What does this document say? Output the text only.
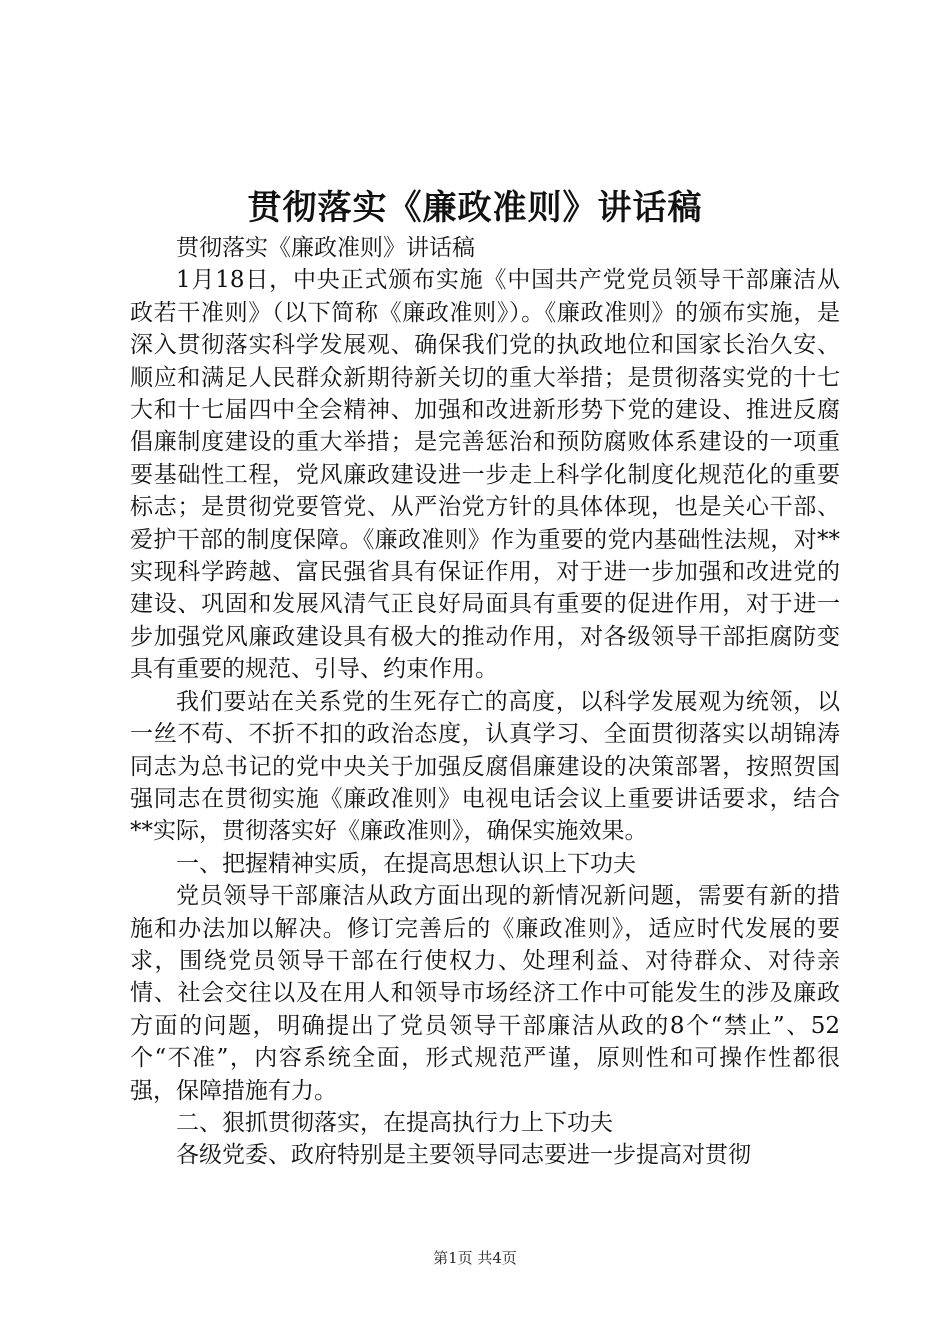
贯彻落实《廉政准则》讲话稿

贯彻落实《廉政准则》讲话稿

1月18日，中央正式颁布实施《中国共产党党员领导干部廉洁从政若干准则》（以下简称《廉政准则》）。《廉政准则》的颁布实施，是深入贯彻落实科学发展观、确保我们党的执政地位和国家长治久安、顺应和满足人民群众新期待新关切的重大举措；是贯彻落实党的十七大和十七届四中全会精神、加强和改进新形势下党的建设、推进反腐倡廉制度建设的重大举措；是完善惩治和预防腐败体系建设的一项重要基础性工程，党风廉政建设进一步走上科学化制度化规范化的重要标志；是贯彻党要管党、从严治党方针的具体体现，也是关心干部、爱护干部的制度保障。《廉政准则》作为重要的党内基础性法规，对**实现科学跨越、富民强省具有保证作用，对于进一步加强和改进党的建设、巩固和发展风清气正良好局面具有重要的促进作用，对于进一步加强党风廉政建设具有极大的推动作用，对各级领导干部拒腐防变具有重要的规范、引导、约束作用。

我们要站在关系党的生死存亡的高度，以科学发展观为统领，以一丝不苟、不折不扣的政治态度，认真学习、全面贯彻落实以胡锦涛同志为总书记的党中央关于加强反腐倡廉建设的决策部署，按照贺国强同志在贯彻实施《廉政准则》电视电话会议上重要讲话要求，结合**实际，贯彻落实好《廉政准则》，确保实施效果。

一、把握精神实质，在提高思想认识上下功夫

党员领导干部廉洁从政方面出现的新情况新问题，需要有新的措施和办法加以解决。修订完善后的《廉政准则》，适应时代发展的要求，围绕党员领导干部在行使权力、处理利益、对待群众、对待亲情、社会交往以及在用人和领导市场经济工作中可能发生的涉及廉政方面的问题，明确提出了党员领导干部廉洁从政的8个“禁止”、52个“不准”，内容系统全面，形式规范严谨，原则性和可操作性都很强，保障措施有力。

二、狠抓贯彻落实，在提高执行力上下功夫

各级党委、政府特别是主要领导同志要进一步提高对贯彻

第1页 共4页
